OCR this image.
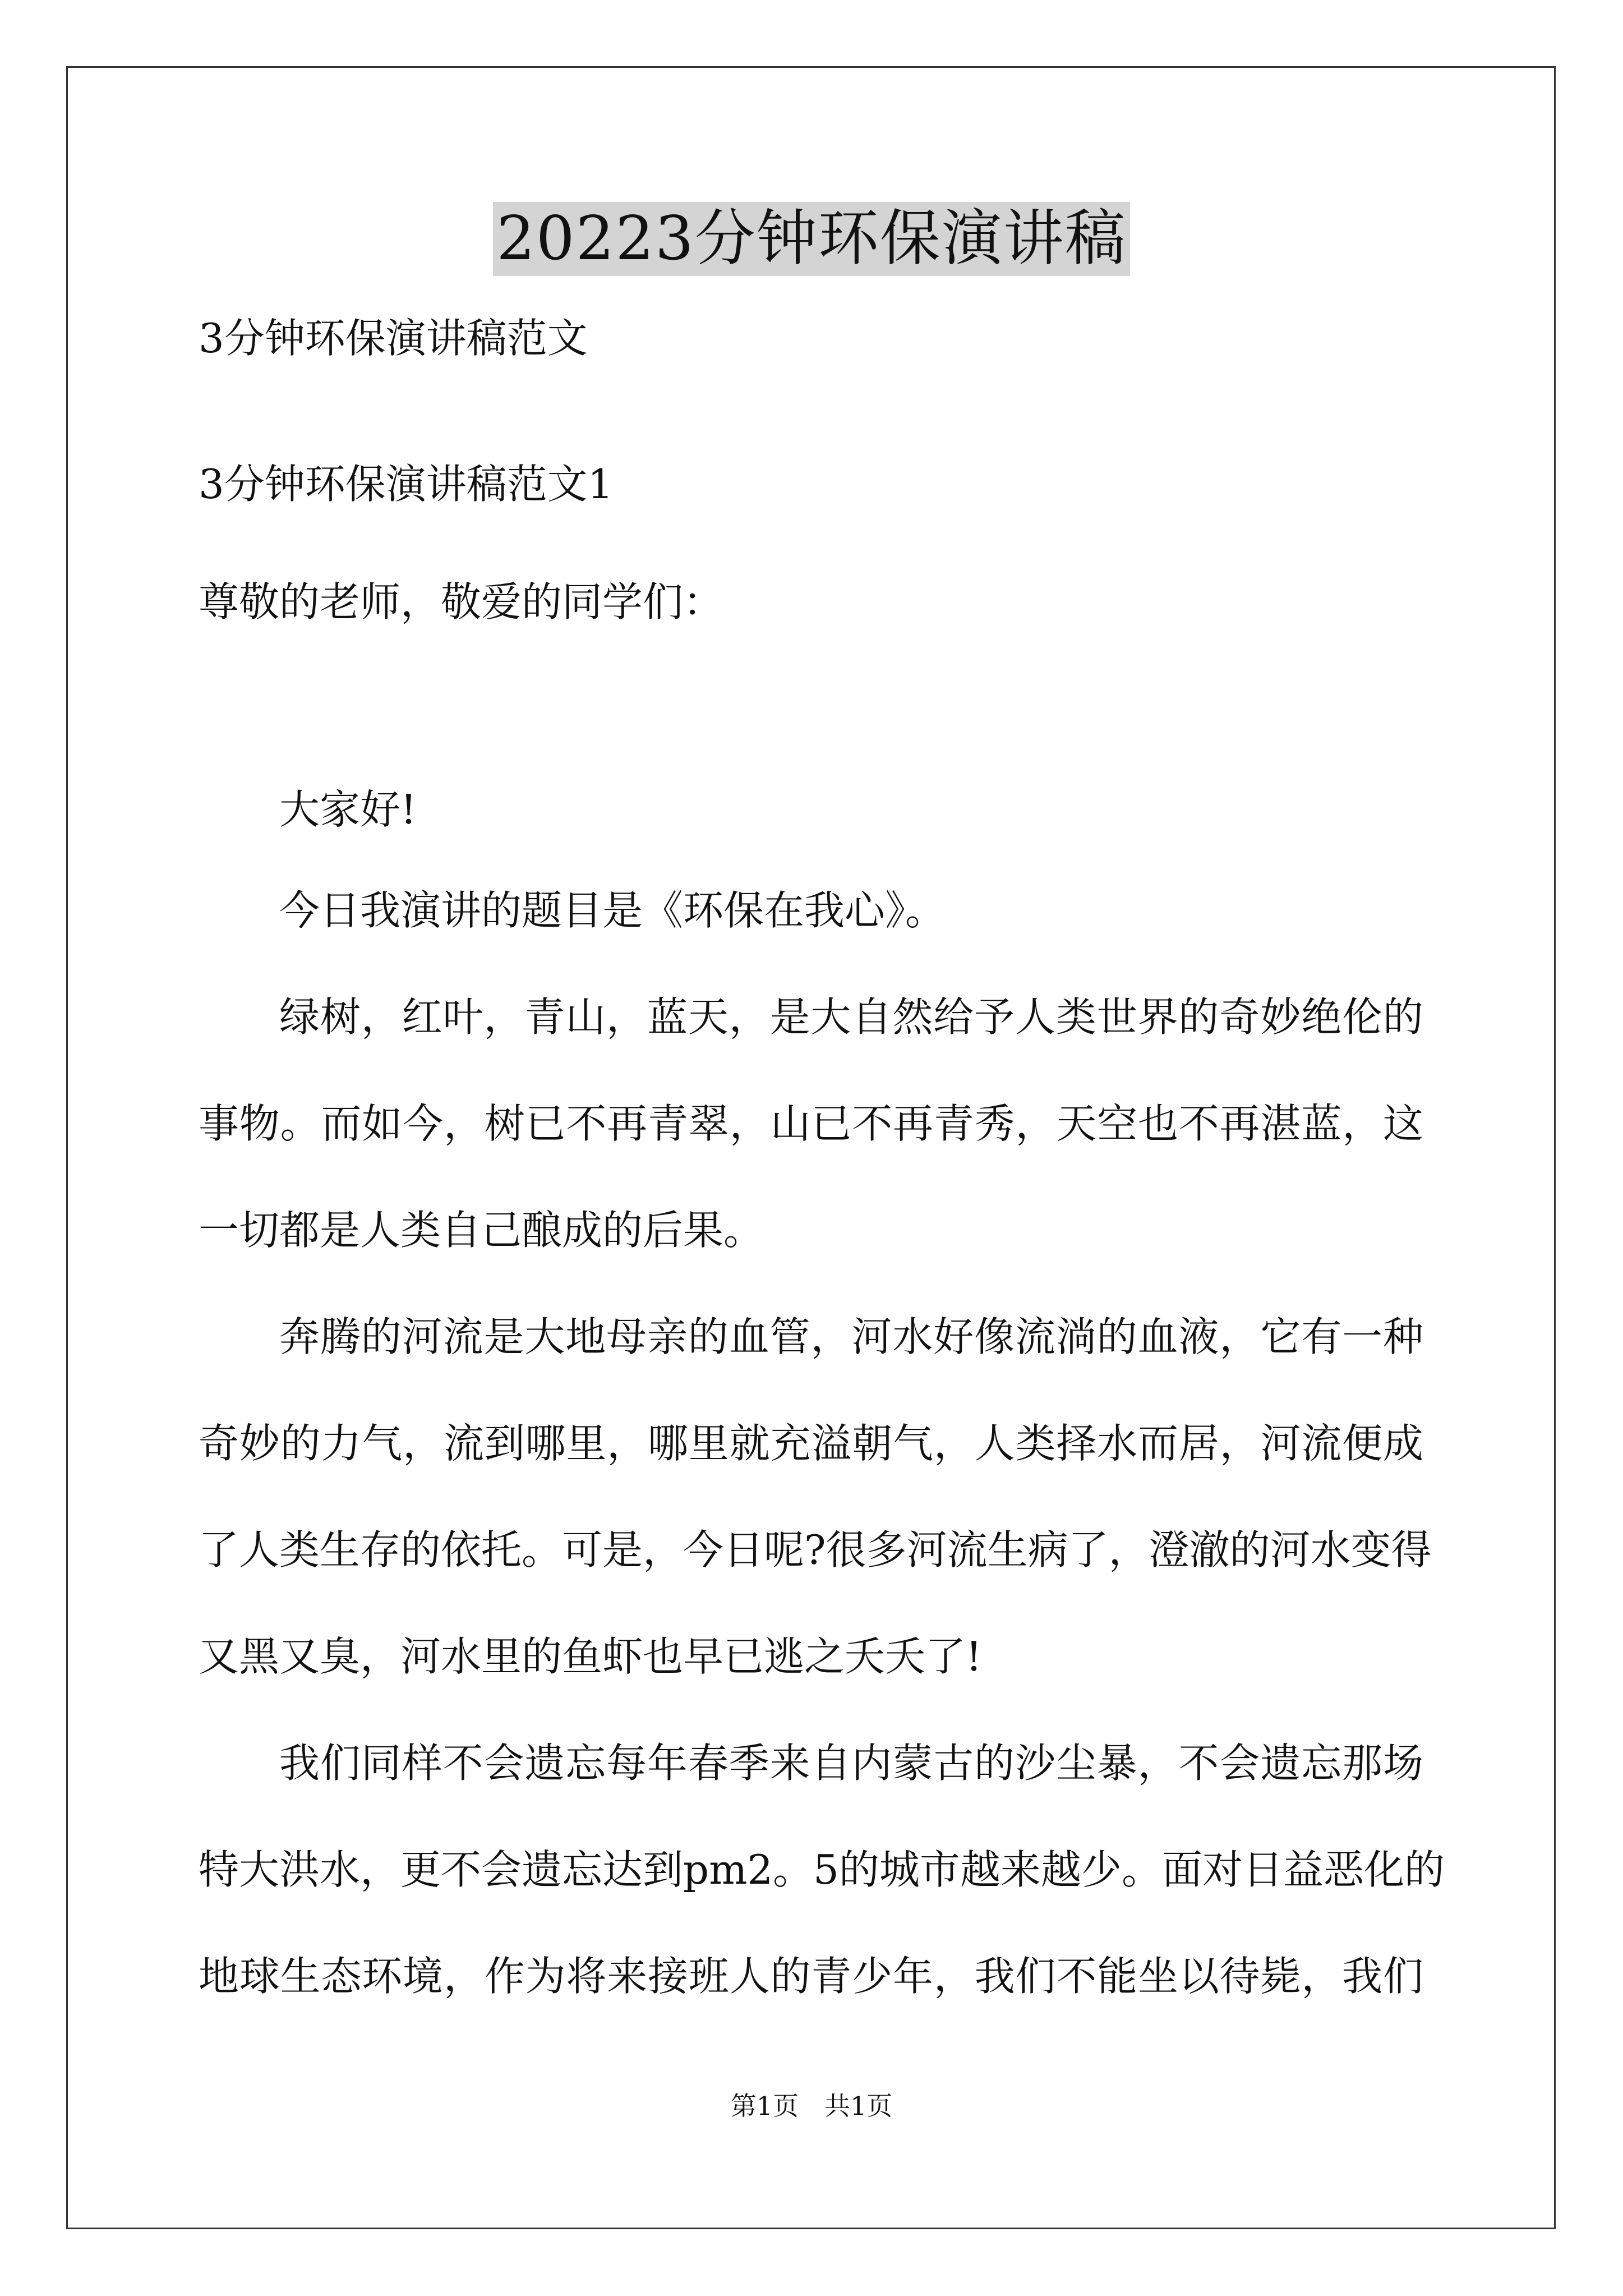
20223分钟环保演讲稿
3分钟环保演讲稿范文
3分钟环保演讲稿范文1
尊敬的老师，敬爱的同学们：
大家好!
今日我演讲的题目是《环保在我心》。
绿树，红叶，青山，蓝天，是大自然给予人类世界的奇妙绝伦的
事物。而如今，树已不再青翠，山已不再青秀，天空也不再湛蓝，这
一切都是人类自己酿成的后果。
奔腾的河流是大地母亲的血管，河水好像流淌的血液，它有一种
奇妙的力气，流到哪里，哪里就充溢朝气，人类择水而居，河流便成
了人类生存的依托。可是，今日呢?很多河流生病了，澄澈的河水变得
又黑又臭，河水里的鱼虾也早已逃之夭夭了!
我们同样不会遗忘每年春季来自内蒙古的沙尘暴，不会遗忘那场
特大洪水，更不会遗忘达到pm2。5的城市越来越少。面对日益恶化的
地球生态环境，作为将来接班人的青少年，我们不能坐以待毙，我们
第1页　共1页
